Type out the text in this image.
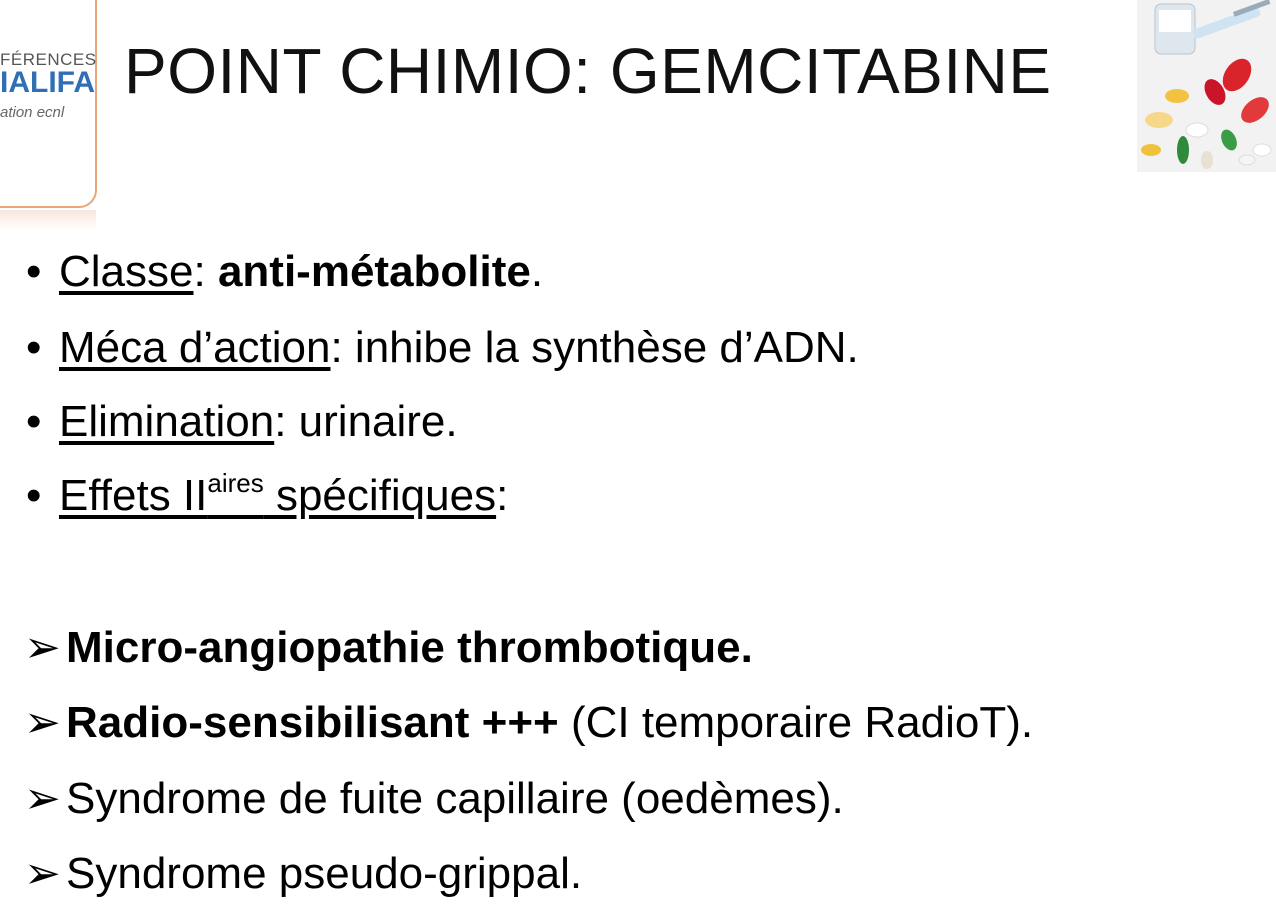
FÉRENCES
IALIFA
ation ecnl
POINT CHIMIO: GEMCITABINE
• Classe: anti-métabolite.
• Méca d’action: inhibe la synthèse d’ADN.
• Elimination: urinaire.
• Effets $II^{aires}$ spécifiques:
➢ Micro-angiopathie thrombotique.
➢ Radio-sensibilisant +++ (CI temporaire RadioT).
➢ Syndrome de fuite capillaire (oedèmes).
➢ Syndrome pseudo-grippal.
